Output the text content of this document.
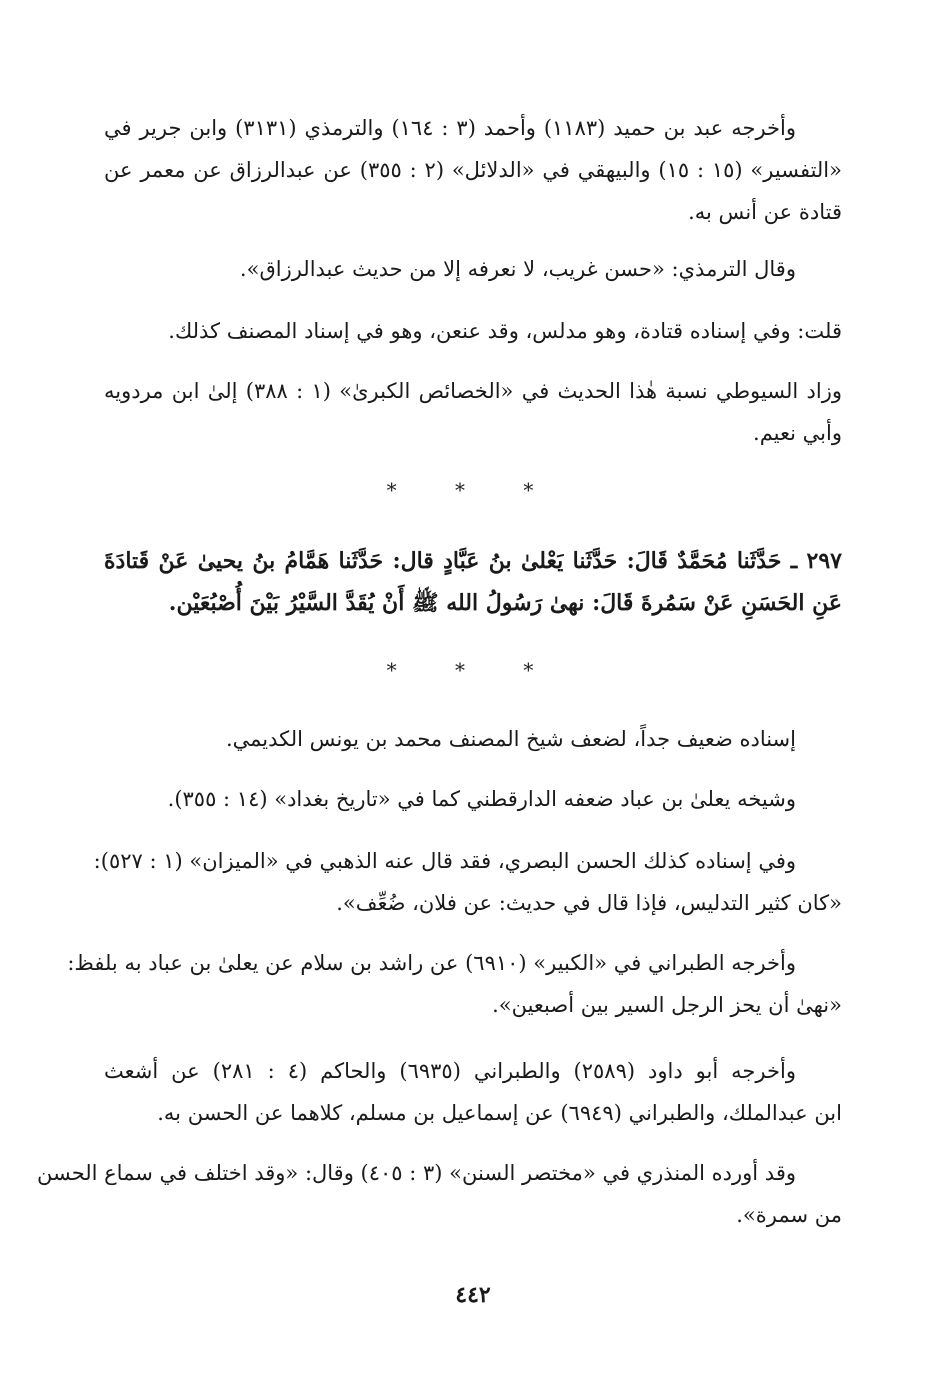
وأخرجه عبد بن حميد (١١٨٣) وأحمد (٣ : ١٦٤) والترمذي (٣١٣١) وابن جرير في
«التفسير» (١٥ : ١٥) والبيهقي في «الدلائل» (٢ : ٣٥٥) عن عبدالرزاق عن معمر عن
قتادة عن أنس به.

وقال الترمذي: «حسن غريب، لا نعرفه إلا من حديث عبدالرزاق».

قلت: وفي إسناده قتادة، وهو مدلس، وقد عنعن، وهو في إسناد المصنف كذلك.

وزاد السيوطي نسبة هٰذا الحديث في «الخصائص الكبرىٰ» (١ : ٣٨٨) إلىٰ ابن مردويه
وأبي نعيم.

* * *

٢٩٧ ـ حَدَّثَنا مُحَمَّدٌ قَالَ: حَدَّثَنا يَعْلىٰ بنُ عَبَّادٍ قال: حَدَّثَنا هَمَّامُ بنُ يحيىٰ عَنْ قَتادَةَ
عَنِ الحَسَنِ عَنْ سَمُرةَ قَالَ: نهىٰ رَسُولُ الله ﷺ أَنْ يُقَدَّ السَّيْرُ بَيْنَ أُصْبُعَيْن.

* * *

إسناده ضعيف جداً، لضعف شيخ المصنف محمد بن يونس الكديمي.

وشيخه يعلىٰ بن عباد ضعفه الدارقطني كما في «تاريخ بغداد» (١٤ : ٣٥٥).

وفي إسناده كذلك الحسن البصري، فقد قال عنه الذهبي في «الميزان» (١ : ٥٢٧):
«كان كثير التدليس، فإذا قال في حديث: عن فلان، ضُعِّف».

وأخرجه الطبراني في «الكبير» (٦٩١٠) عن راشد بن سلام عن يعلىٰ بن عباد به بلفظ:
«نهىٰ أن يحز الرجل السير بين أصبعين».

وأخرجه أبو داود (٢٥٨٩) والطبراني (٦٩٣٥) والحاكم (٤ : ٢٨١) عن أشعث
ابن عبدالملك، والطبراني (٦٩٤٩) عن إسماعيل بن مسلم، كلاهما عن الحسن به.

وقد أورده المنذري في «مختصر السنن» (٣ : ٤٠٥) وقال: «وقد اختلف في سماع الحسن
من سمرة».

٤٤٢
